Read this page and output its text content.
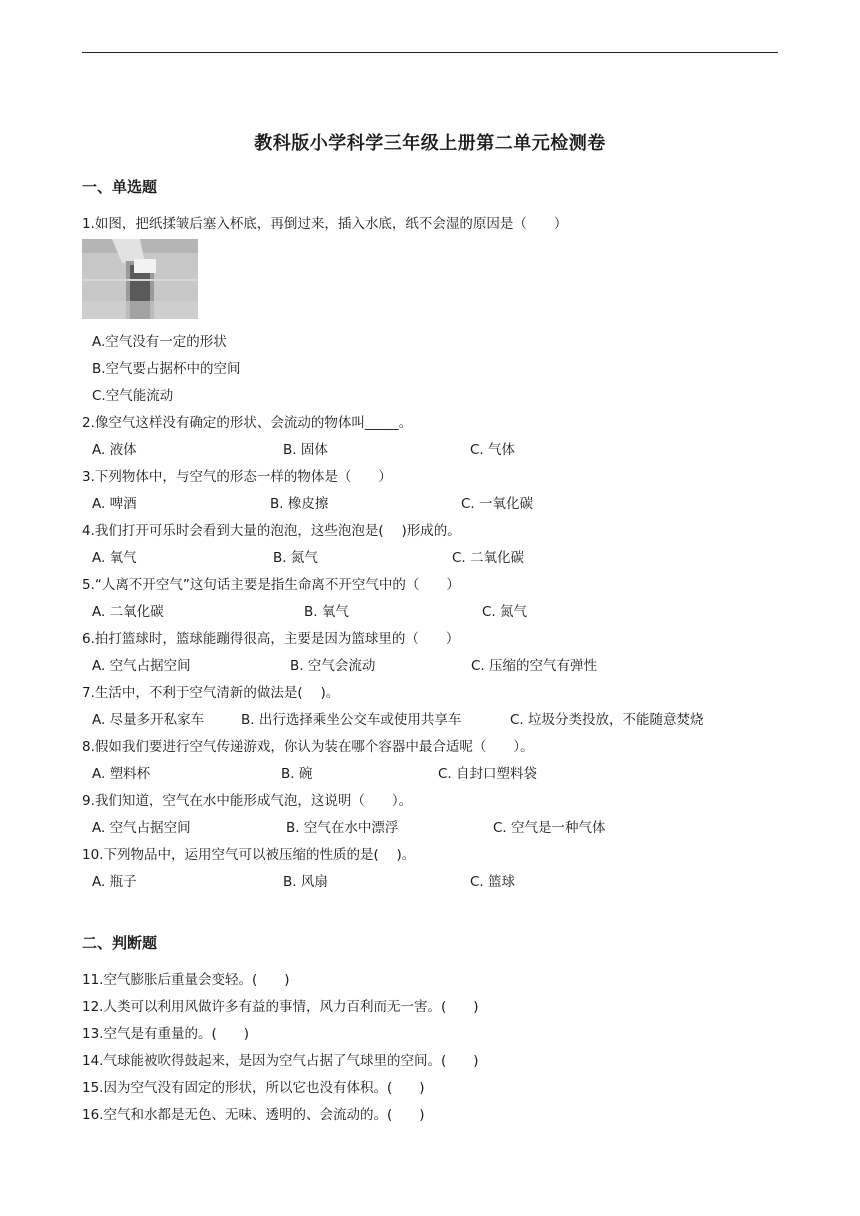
教科版小学科学三年级上册第二单元检测卷
一、单选题
1.如图，把纸揉皱后塞入杯底，再倒过来，插入水底，纸不会湿的原因是（　　）
A.空气没有一定的形状
B.空气要占据杯中的空间
C.空气能流动
2.像空气这样没有确定的形状、会流动的物体叫_____。
A. 液体	B. 固体	C. 气体
3.下列物体中，与空气的形态一样的物体是（　　）
A. 啤酒	B. 橡皮擦	C. 一氧化碳
4.我们打开可乐时会看到大量的泡泡，这些泡泡是(　 )形成的。
A. 氧气	B. 氮气	C. 二氧化碳
5.“人离不开空气”这句话主要是指生命离不开空气中的（　　）
A. 二氧化碳	B. 氧气	C. 氮气
6.拍打篮球时，篮球能蹦得很高，主要是因为篮球里的（　　）
A. 空气占据空间	B. 空气会流动	C. 压缩的空气有弹性
7.生活中，不利于空气清新的做法是(　 )。
A. 尽量多开私家车	B. 出行选择乘坐公交车或使用共享车	C. 垃圾分类投放，不能随意焚烧
8.假如我们要进行空气传递游戏，你认为装在哪个容器中最合适呢（　　）。
A. 塑料杯	B. 碗	C. 自封口塑料袋
9.我们知道，空气在水中能形成气泡，这说明（　　）。
A. 空气占据空间	B. 空气在水中漂浮	C. 空气是一种气体
10.下列物品中，运用空气可以被压缩的性质的是(　 )。
A. 瓶子	B. 风扇	C. 篮球
二、判断题
11.空气膨胀后重量会变轻。(　　)
12.人类可以利用风做许多有益的事情，风力百利而无一害。(　　)
13.空气是有重量的。(　　)
14.气球能被吹得鼓起来，是因为空气占据了气球里的空间。(　　)
15.因为空气没有固定的形状，所以它也没有体积。(　　)
16.空气和水都是无色、无味、透明的、会流动的。(　　)
